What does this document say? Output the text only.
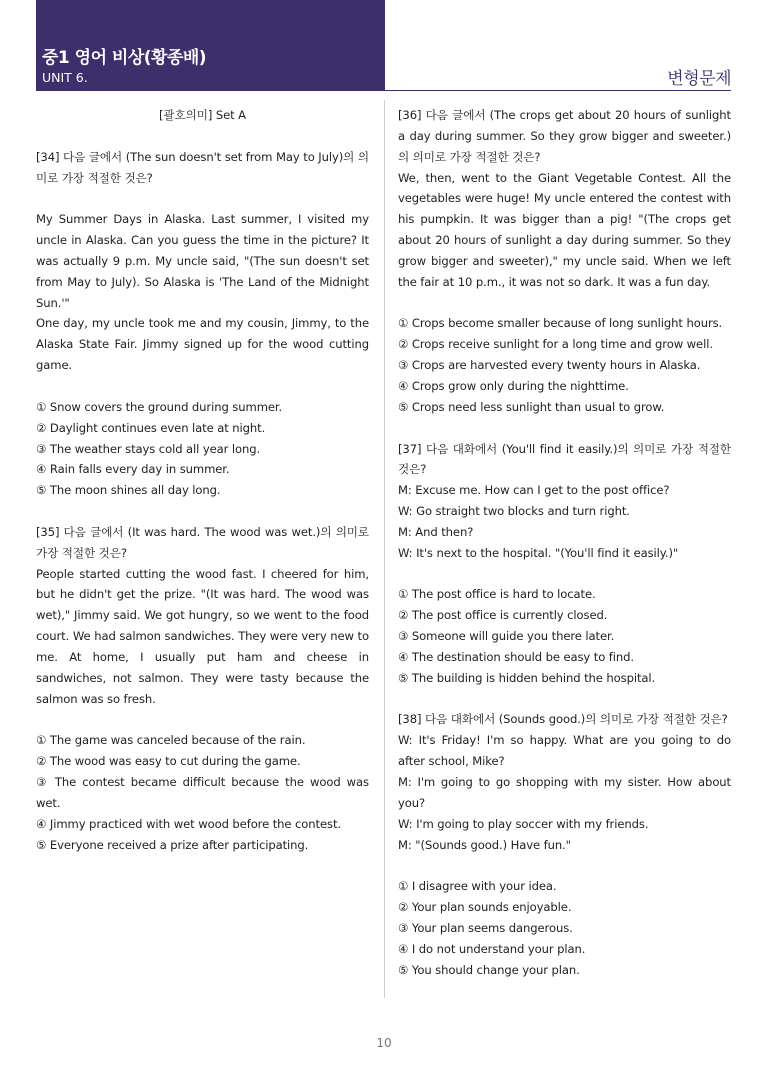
중1 영어 비상(황종배)
UNIT 6.	변형문제
[괄호의미] Set A
[34] 다음 글에서 (The sun doesn't set from May to July)의 의미로 가장 적절한 것은?
My Summer Days in Alaska. Last summer, I visited my uncle in Alaska. Can you guess the time in the picture? It was actually 9 p.m. My uncle said, "(The sun doesn't set from May to July). So Alaska is 'The Land of the Midnight Sun.'"
One day, my uncle took me and my cousin, Jimmy, to the Alaska State Fair. Jimmy signed up for the wood cutting game.
① Snow covers the ground during summer.
② Daylight continues even late at night.
③ The weather stays cold all year long.
④ Rain falls every day in summer.
⑤ The moon shines all day long.
[35] 다음 글에서 (It was hard. The wood was wet.)의 의미로 가장 적절한 것은?
People started cutting the wood fast. I cheered for him, but he didn't get the prize. "(It was hard. The wood was wet)," Jimmy said. We got hungry, so we went to the food court. We had salmon sandwiches. They were very new to me. At home, I usually put ham and cheese in sandwiches, not salmon. They were tasty because the salmon was so fresh.
① The game was canceled because of the rain.
② The wood was easy to cut during the game.
③ The contest became difficult because the wood was wet.
④ Jimmy practiced with wet wood before the contest.
⑤ Everyone received a prize after participating.
[36] 다음 글에서 (The crops get about 20 hours of sunlight a day during summer. So they grow bigger and sweeter.)의 의미로 가장 적절한 것은?
We, then, went to the Giant Vegetable Contest. All the vegetables were huge! My uncle entered the contest with his pumpkin. It was bigger than a pig! "(The crops get about 20 hours of sunlight a day during summer. So they grow bigger and sweeter)," my uncle said. When we left the fair at 10 p.m., it was not so dark. It was a fun day.
① Crops become smaller because of long sunlight hours.
② Crops receive sunlight for a long time and grow well.
③ Crops are harvested every twenty hours in Alaska.
④ Crops grow only during the nighttime.
⑤ Crops need less sunlight than usual to grow.
[37] 다음 대화에서 (You'll find it easily.)의 의미로 가장 적절한 것은?
M: Excuse me. How can I get to the post office?
W: Go straight two blocks and turn right.
M: And then?
W: It's next to the hospital. "(You'll find it easily.)"
① The post office is hard to locate.
② The post office is currently closed.
③ Someone will guide you there later.
④ The destination should be easy to find.
⑤ The building is hidden behind the hospital.
[38] 다음 대화에서 (Sounds good.)의 의미로 가장 적절한 것은?
W: It's Friday! I'm so happy. What are you going to do after school, Mike?
M: I'm going to go shopping with my sister. How about you?
W: I'm going to play soccer with my friends.
M: "(Sounds good.) Have fun."
① I disagree with your idea.
② Your plan sounds enjoyable.
③ Your plan seems dangerous.
④ I do not understand your plan.
⑤ You should change your plan.
10
